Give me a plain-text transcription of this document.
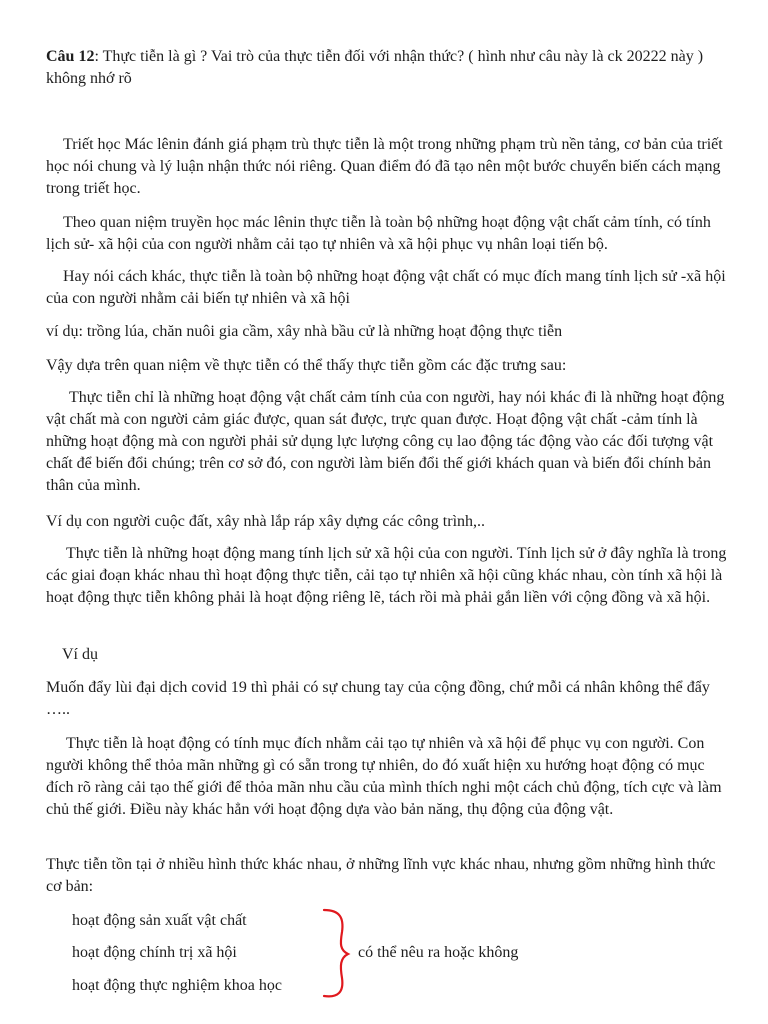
Câu 12: Thực tiễn là gì ? Vai trò của thực tiễn đối với nhận thức? ( hình như câu này là ck 20222 này ) không nhớ rõ

Triết học Mác lênin đánh giá phạm trù thực tiễn là một trong những phạm trù nền tảng, cơ bản của triết học nói chung và lý luận nhận thức nói riêng. Quan điểm đó đã tạo nên một bước chuyển biến cách mạng trong triết học.

Theo quan niệm truyền học mác lênin thực tiễn là toàn bộ những hoạt động vật chất cảm tính, có tính lịch sử- xã hội của con người nhằm cải tạo tự nhiên và xã hội phục vụ nhân loại tiến bộ.

Hay nói cách khác, thực tiễn là toàn bộ những hoạt động vật chất có mục đích mang tính lịch sử -xã hội của con người nhằm cải biến tự nhiên và xã hội

ví dụ: trồng lúa, chăn nuôi gia cầm, xây nhà bầu cử là những hoạt động thực tiễn

Vậy dựa trên quan niệm về thực tiễn có thể thấy thực tiễn gồm các đặc trưng sau:

Thực tiễn chỉ là những hoạt động vật chất cảm tính của con người, hay nói khác đi là những hoạt động vật chất mà con người cảm giác được, quan sát được, trực quan được. Hoạt động vật chất -cảm tính là những hoạt động mà con người phải sử dụng lực lượng công cụ lao động tác động vào các đối tượng vật chất để biến đổi chúng; trên cơ sở đó, con người làm biến đổi thế giới khách quan và biến đổi chính bản thân của mình.

Ví dụ con người cuộc đất, xây nhà lắp ráp xây dựng các công trình,..

Thực tiễn là những hoạt động mang tính lịch sử xã hội của con người. Tính lịch sử ở đây nghĩa là trong các giai đoạn khác nhau thì hoạt động thực tiễn, cải tạo tự nhiên xã hội cũng khác nhau, còn tính xã hội là hoạt động thực tiễn không phải là hoạt động riêng lẽ, tách rồi mà phải gắn liền với cộng đồng và xã hội.

Ví dụ

Muốn đẩy lùi đại dịch covid 19 thì phải có sự chung tay của cộng đồng, chứ mỗi cá nhân không thể đẩy …..

Thực tiễn là hoạt động có tính mục đích nhằm cải tạo tự nhiên và xã hội để phục vụ con người. Con người không thể thỏa mãn những gì có sẵn trong tự nhiên, do đó xuất hiện xu hướng hoạt động có mục đích rõ ràng cải tạo thế giới để thỏa mãn nhu cầu của mình thích nghi một cách chủ động, tích cực và làm chủ thế giới. Điều này khác hẳn với hoạt động dựa vào bản năng, thụ động của động vật.

Thực tiễn tồn tại ở nhiều hình thức khác nhau, ở những lĩnh vực khác nhau, nhưng gồm những hình thức cơ bản:

hoạt động sản xuất vật chất

hoạt động chính trị xã hội

hoạt động thực nghiệm khoa học

có thể nêu ra hoặc không
